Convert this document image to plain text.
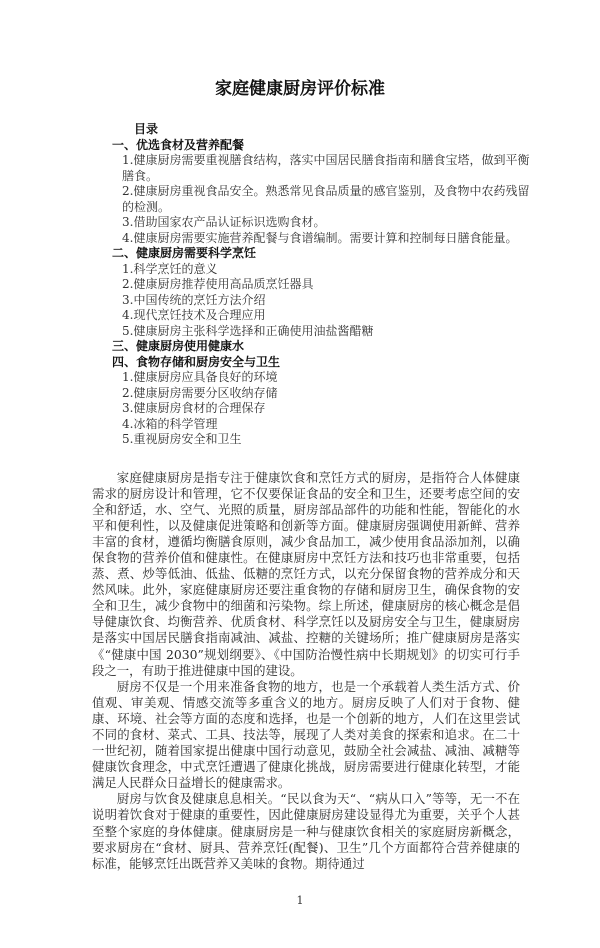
家庭健康厨房评价标准
目录
一、优选食材及营养配餐
1.健康厨房需要重视膳食结构，落实中国居民膳食指南和膳食宝塔，做到平衡膳食。
2.健康厨房重视食品安全。熟悉常见食品质量的感官鉴别，及食物中农药残留的检测。
3.借助国家农产品认证标识选购食材。
4.健康厨房需要实施营养配餐与食谱编制。需要计算和控制每日膳食能量。
二、健康厨房需要科学烹饪
1.科学烹饪的意义
2.健康厨房推荐使用高品质烹饪器具
3.中国传统的烹饪方法介绍
4.现代烹饪技术及合理应用
5.健康厨房主张科学选择和正确使用油盐酱醋糖
三、健康厨房使用健康水
四、食物存储和厨房安全与卫生
1.健康厨房应具备良好的环境
2.健康厨房需要分区收纳存储
3.健康厨房食材的合理保存
4.冰箱的科学管理
5.重视厨房安全和卫生

家庭健康厨房是指专注于健康饮食和烹饪方式的厨房，是指符合人体健康需求的厨房设计和管理，它不仅要保证食品的安全和卫生，还要考虑空间的安全和舒适，水、空气、光照的质量，厨房部品部件的功能和性能，智能化的水平和便利性，以及健康促进策略和创新等方面。健康厨房强调使用新鲜、营养丰富的食材，遵循均衡膳食原则，减少食品加工，减少使用食品添加剂，以确保食物的营养价值和健康性。在健康厨房中烹饪方法和技巧也非常重要，包括蒸、煮、炒等低油、低盐、低糖的烹饪方式，以充分保留食物的营养成分和天然风味。此外，家庭健康厨房还要注重食物的存储和厨房卫生，确保食物的安全和卫生，减少食物中的细菌和污染物。综上所述，健康厨房的核心概念是倡导健康饮食、均衡营养、优质食材、科学烹饪以及厨房安全与卫生，健康厨房是落实中国居民膳食指南减油、减盐、控糖的关键场所；推广健康厨房是落实《“健康中国 2030”规划纲要》、《中国防治慢性病中长期规划》的切实可行手段之一，有助于推进健康中国的建设。

厨房不仅是一个用来准备食物的地方，也是一个承载着人类生活方式、价值观、审美观、情感交流等多重含义的地方。厨房反映了人们对于食物、健康、环境、社会等方面的态度和选择，也是一个创新的地方，人们在这里尝试不同的食材、菜式、工具、技法等，展现了人类对美食的探索和追求。在二十一世纪初，随着国家提出健康中国行动意见，鼓励全社会减盐、减油、减糖等健康饮食理念，中式烹饪遭遇了健康化挑战，厨房需要进行健康化转型，才能满足人民群众日益增长的健康需求。

厨房与饮食及健康息息相关。“民以食为天“、“病从口入”等等，无一不在说明着饮食对于健康的重要性，因此健康厨房建设显得尤为重要，关乎个人甚至整个家庭的身体健康。健康厨房是一种与健康饮食相关的家庭厨房新概念，要求厨房在“食材、厨具、营养烹饪(配餐)、卫生”几个方面都符合营养健康的标准，能够烹饪出既营养又美味的食物。期待通过

1
